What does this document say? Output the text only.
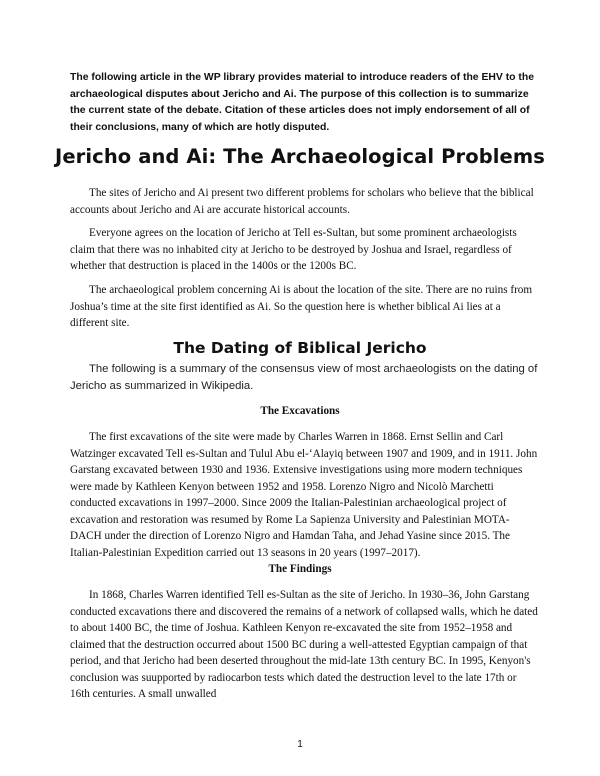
The following article in the WP library provides material to introduce readers of the EHV to the archaeological disputes about Jericho and Ai. The purpose of this collection is to summarize the current state of the debate. Citation of these articles does not imply endorsement of all of their conclusions, many of which are hotly disputed.

Jericho and Ai: The Archaeological Problems

The sites of Jericho and Ai present two different problems for scholars who believe that the biblical accounts about Jericho and Ai are accurate historical accounts.

Everyone agrees on the location of Jericho at Tell es-Sultan, but some prominent archaeologists claim that there was no inhabited city at Jericho to be destroyed by Joshua and Israel, regardless of whether that destruction is placed in the 1400s or the 1200s BC.

The archaeological problem concerning Ai is about the location of the site. There are no ruins from Joshua’s time at the site first identified as Ai. So the question here is whether biblical Ai lies at a different site.

The Dating of Biblical Jericho

The following is a summary of the consensus view of most archaeologists on the dating of Jericho as summarized in Wikipedia.

The Excavations

The first excavations of the site were made by Charles Warren in 1868. Ernst Sellin and Carl Watzinger excavated Tell es-Sultan and Tulul Abu el-‘Alayiq between 1907 and 1909, and in 1911. John Garstang excavated between 1930 and 1936. Extensive investigations using more modern techniques were made by Kathleen Kenyon between 1952 and 1958. Lorenzo Nigro and Nicolò Marchetti conducted excavations in 1997–2000. Since 2009 the Italian-Palestinian archaeological project of excavation and restoration was resumed by Rome La Sapienza University and Palestinian MOTA-DACH under the direction of Lorenzo Nigro and Hamdan Taha, and Jehad Yasine since 2015. The Italian-Palestinian Expedition carried out 13 seasons in 20 years (1997–2017).

The Findings

In 1868, Charles Warren identified Tell es-Sultan as the site of Jericho. In 1930–36, John Garstang conducted excavations there and discovered the remains of a network of collapsed walls, which he dated to about 1400 BC, the time of Joshua. Kathleen Kenyon re-excavated the site from 1952–1958 and claimed that the destruction occurred about 1500 BC during a well-attested Egyptian campaign of that period, and that Jericho had been deserted throughout the mid-late 13th century BC. In 1995, Kenyon's conclusion was suupported by radiocarbon tests which dated the destruction level to the late 17th or 16th centuries. A small unwalled

1
